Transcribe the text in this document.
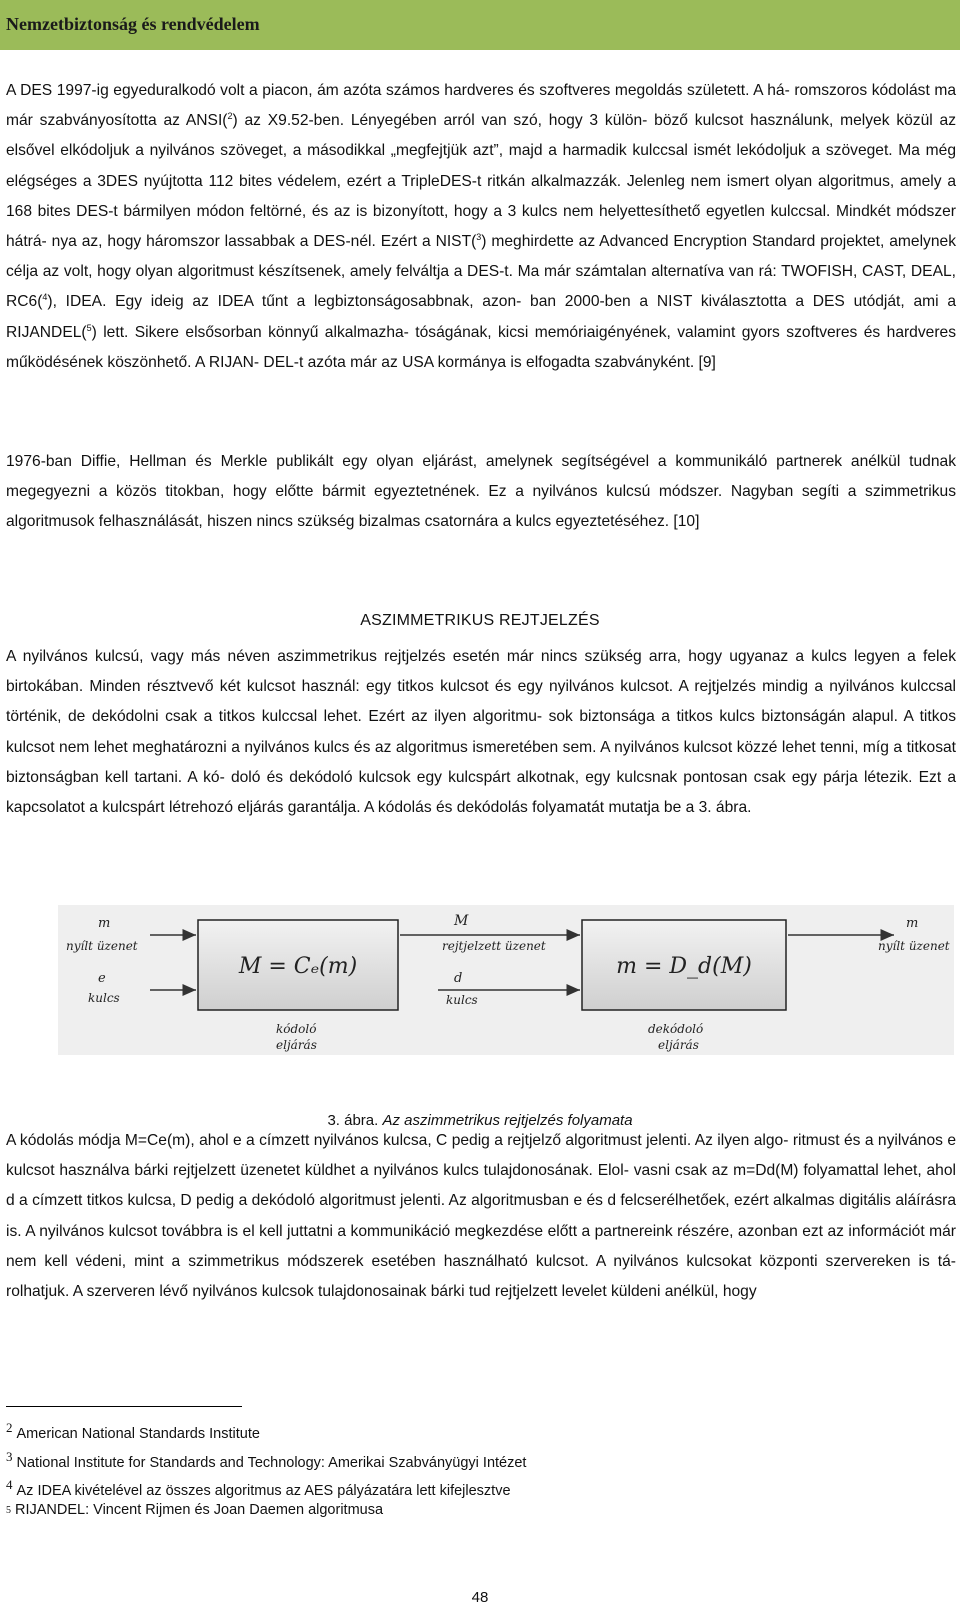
Nemzetbiztonság és rendvédelem

A DES 1997-ig egyeduralkodó volt a piacon, ám azóta számos hardveres és szoftveres megoldás született. A há- romszoros kódolást ma már szabványosította az ANSI($^2$) az X9.52-ben. Lényegében arról van szó, hogy 3 külön- böző kulcsot használunk, melyek közül az elsővel elkódoljuk a nyilvános szöveget, a másodikkal „megfejtjük azt”, majd a harmadik kulccsal ismét lekódoljuk a szöveget. Ma még elégséges a 3DES nyújtotta 112 bites védelem, ezért a TripleDES-t ritkán alkalmazzák. Jelenleg nem ismert olyan algoritmus, amely a 168 bites DES-t bármilyen módon feltörné, és az is bizonyított, hogy a 3 kulcs nem helyettesíthető egyetlen kulccsal. Mindkét módszer hátrá- nya az, hogy háromszor lassabbak a DES-nél. Ezért a NIST($^3$) meghirdette az Advanced Encryption Standard projektet, amelynek célja az volt, hogy olyan algoritmust készítsenek, amely felváltja a DES-t. Ma már számtalan alternatíva van rá: TWOFISH, CAST, DEAL, RC6($^4$), IDEA. Egy ideig az IDEA tűnt a legbiztonságosabbnak, azon- ban 2000-ben a NIST kiválasztotta a DES utódját, ami a RIJANDEL($^5$) lett. Sikere elsősorban könnyű alkalmazha- tóságának, kicsi memóriaigényének, valamint gyors szoftveres és hardveres működésének köszönhető. A RIJAN- DEL-t azóta már az USA kormánya is elfogadta szabványként. [9]

1976-ban Diffie, Hellman és Merkle publikált egy olyan eljárást, amelynek segítségével a kommunikáló partnerek anélkül tudnak megegyezni a közös titokban, hogy előtte bármit egyeztetnének. Ez a nyilvános kulcsú módszer. Nagyban segíti a szimmetrikus algoritmusok felhasználását, hiszen nincs szükség bizalmas csatornára a kulcs egyeztetéséhez. [10]

ASZIMMETRIKUS REJTJELZÉS

A nyilvános kulcsú, vagy más néven aszimmetrikus rejtjelzés esetén már nincs szükség arra, hogy ugyanaz a kulcs legyen a felek birtokában. Minden résztvevő két kulcsot használ: egy titkos kulcsot és egy nyilvános kulcsot. A rejtjelzés mindig a nyilvános kulccsal történik, de dekódolni csak a titkos kulccsal lehet. Ezért az ilyen algoritmu- sok biztonsága a titkos kulcs biztonságán alapul. A titkos kulcsot nem lehet meghatározni a nyilvános kulcs és az algoritmus ismeretében sem. A nyilvános kulcsot közzé lehet tenni, míg a titkosat biztonságban kell tartani. A kó- doló és dekódoló kulcsok egy kulcspárt alkotnak, egy kulcsnak pontosan csak egy párja létezik. Ezt a kapcsolatot a kulcspárt létrehozó eljárás garantálja. A kódolás és dekódolás folyamatát mutatja be a 3. ábra.

m
nyílt üzenet
e
kulcs
kódoló
eljárás
M = Cₑ(m)
M
rejtjelzett üzenet
d
kulcs
m = D_d(M)
m
nyílt üzenet
dekódoló
eljárás
3. ábra. Az aszimmetrikus rejtjelzés folyamata

A kódolás módja M=Ce(m), ahol e a címzett nyilvános kulcsa, C pedig a rejtjelző algoritmust jelenti. Az ilyen algo- ritmust és a nyilvános e kulcsot használva bárki rejtjelzett üzenetet küldhet a nyilvános kulcs tulajdonosának. Elol- vasni csak az m=Dd(M) folyamattal lehet, ahol d a címzett titkos kulcsa, D pedig a dekódoló algoritmust jelenti. Az algoritmusban e és d felcserélhetőek, ezért alkalmas digitális aláírásra is. A nyilvános kulcsot továbbra is el kell juttatni a kommunikáció megkezdése előtt a partnereink részére, azonban ezt az információt már nem kell védeni, mint a szimmetrikus módszerek esetében használható kulcsot. A nyilvános kulcsokat központi szervereken is tá- rolhatjuk. A szerveren lévő nyilvános kulcsok tulajdonosainak bárki tud rejtjelzett levelet küldeni anélkül, hogy

2 American National Standards Institute
3 National Institute for Standards and Technology: Amerikai Szabványügyi Intézet
4 Az IDEA kivételével az összes algoritmus az AES pályázatára lett kifejlesztve
5 RIJANDEL: Vincent Rijmen és Joan Daemen algoritmusa
48
